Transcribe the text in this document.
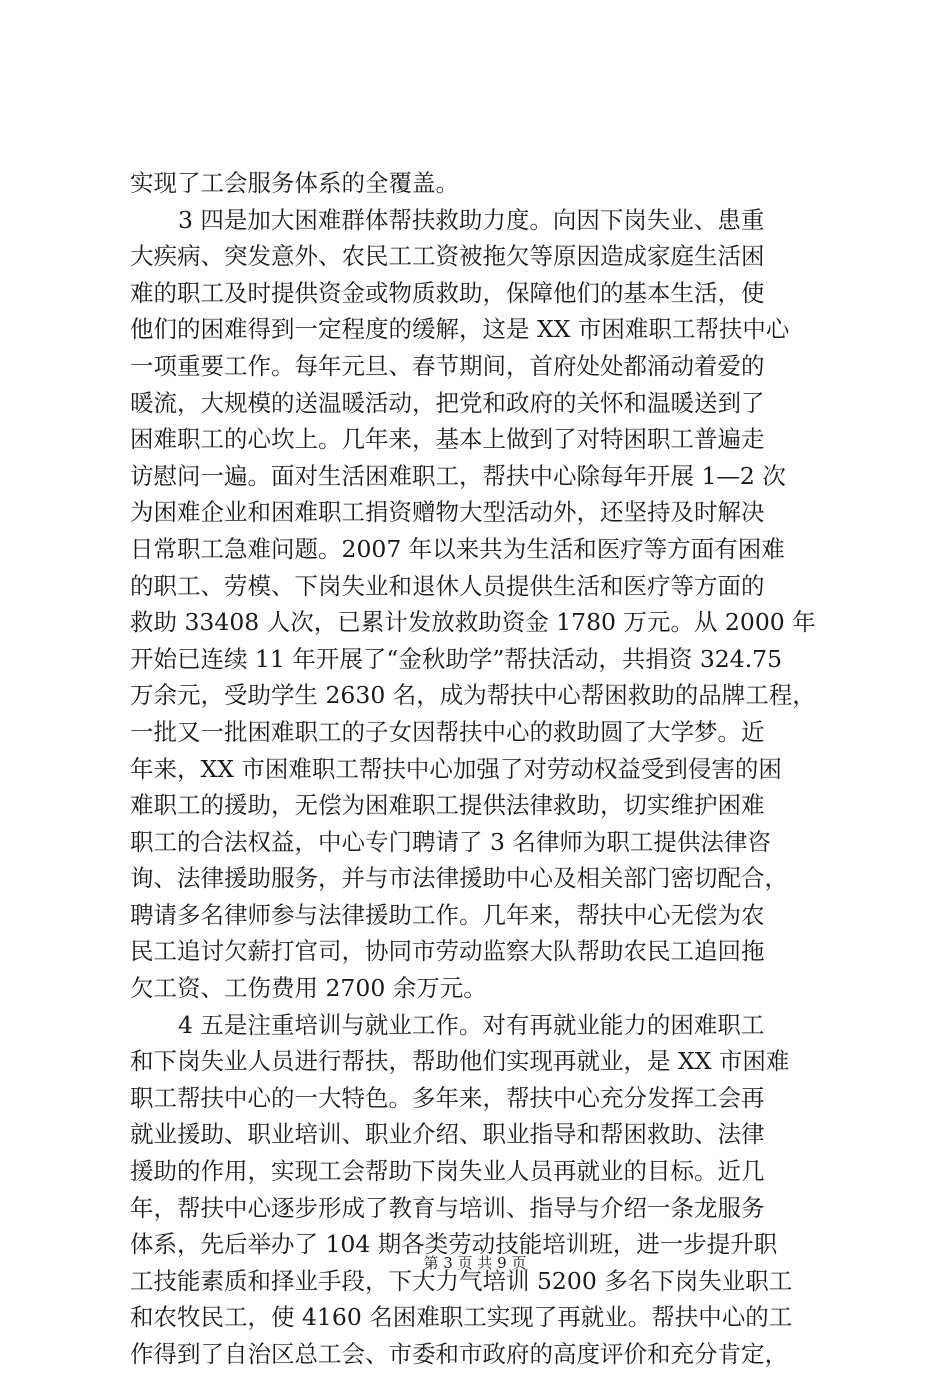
实现了工会服务体系的全覆盖。
3 四是加大困难群体帮扶救助力度。向因下岗失业、患重
大疾病、突发意外、农民工工资被拖欠等原因造成家庭生活困
难的职工及时提供资金或物质救助，保障他们的基本生活，使
他们的困难得到一定程度的缓解，这是 XX 市困难职工帮扶中心
一项重要工作。每年元旦、春节期间，首府处处都涌动着爱的
暖流，大规模的送温暖活动，把党和政府的关怀和温暖送到了
困难职工的心坎上。几年来，基本上做到了对特困职工普遍走
访慰问一遍。面对生活困难职工，帮扶中心除每年开展 1—2 次
为困难企业和困难职工捐资赠物大型活动外，还坚持及时解决
日常职工急难问题。2007 年以来共为生活和医疗等方面有困难
的职工、劳模、下岗失业和退休人员提供生活和医疗等方面的
救助 33408 人次，已累计发放救助资金 1780 万元。从 2000 年
开始已连续 11 年开展了“金秋助学”帮扶活动，共捐资 324.75
万余元，受助学生 2630 名，成为帮扶中心帮困救助的品牌工程，
一批又一批困难职工的子女因帮扶中心的救助圆了大学梦。近
年来，XX 市困难职工帮扶中心加强了对劳动权益受到侵害的困
难职工的援助，无偿为困难职工提供法律救助，切实维护困难
职工的合法权益，中心专门聘请了 3 名律师为职工提供法律咨
询、法律援助服务，并与市法律援助中心及相关部门密切配合，
聘请多名律师参与法律援助工作。几年来，帮扶中心无偿为农
民工追讨欠薪打官司，协同市劳动监察大队帮助农民工追回拖
欠工资、工伤费用 2700 余万元。
4 五是注重培训与就业工作。对有再就业能力的困难职工
和下岗失业人员进行帮扶，帮助他们实现再就业，是 XX 市困难
职工帮扶中心的一大特色。多年来，帮扶中心充分发挥工会再
就业援助、职业培训、职业介绍、职业指导和帮困救助、法律
援助的作用，实现工会帮助下岗失业人员再就业的目标。近几
年，帮扶中心逐步形成了教育与培训、指导与介绍一条龙服务
体系，先后举办了 104 期各类劳动技能培训班，进一步提升职
工技能素质和择业手段，下大力气培训 5200 多名下岗失业职工
和农牧民工，使 4160 名困难职工实现了再就业。帮扶中心的工
作得到了自治区总工会、市委和市政府的高度评价和充分肯定，
第 3 页 共 9 页
